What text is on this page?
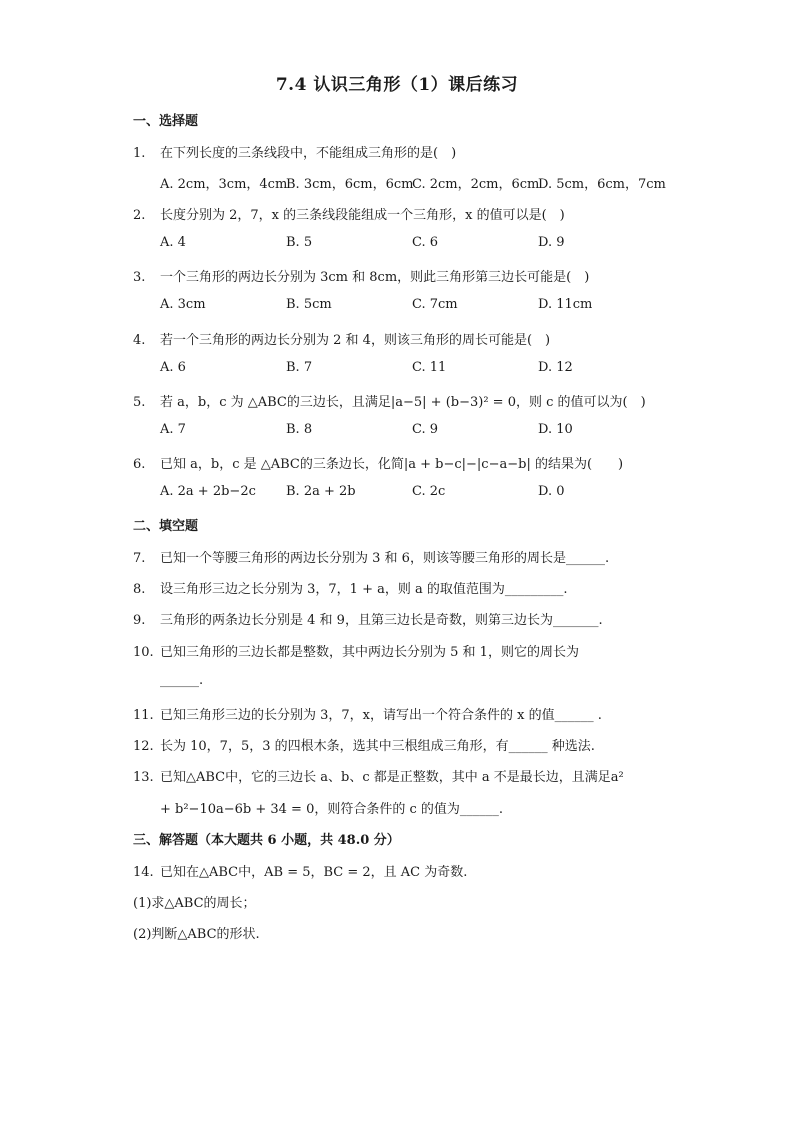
7.4 认识三角形（1）课后练习
一、选择题
1. 在下列长度的三条线段中，不能组成三角形的是( )
A. 2cm，3cm，4cm
B. 3cm，6cm，6cm
C. 2cm，2cm，6cm
D. 5cm，6cm，7cm
2. 长度分别为 2，7，x 的三条线段能组成一个三角形，x 的值可以是( )
A. 4	B. 5	C. 6	D. 9
3. 一个三角形的两边长分别为 3cm 和 8cm，则此三角形第三边长可能是( )
A. 3cm	B. 5cm	C. 7cm	D. 11cm
4. 若一个三角形的两边长分别为 2 和 4，则该三角形的周长可能是( )
A. 6	B. 7	C. 11	D. 12
5. 若 a，b，c 为 △ABC的三边长，且满足|a−5| + (b−3)² = 0，则 c 的值可以为( )
A. 7	B. 8	C. 9	D. 10
6. 已知 a，b，c 是 △ABC的三条边长，化简|a + b−c|−|c−a−b| 的结果为(  )
A. 2a + 2b−2c B. 2a + 2b	C. 2c	D. 0
二、填空题
7. 已知一个等腰三角形的两边长分别为 3 和 6，则该等腰三角形的周长是______.
8. 设三角形三边之长分别为 3，7，1 + a，则 a 的取值范围为_________.
9. 三角形的两条边长分别是 4 和 9，且第三边长是奇数，则第三边长为_______.
10. 已知三角形的三边长都是整数，其中两边长分别为 5 和 1，则它的周长为
______.
11. 已知三角形三边的长分别为 3，7，x，请写出一个符合条件的 x 的值______ .
12. 长为 10，7，5，3 的四根木条，选其中三根组成三角形，有______ 种选法.
13. 已知△ABC中，它的三边长 a、b、c 都是正整数，其中 a 不是最长边，且满足a²
+ b²−10a−6b + 34 = 0，则符合条件的 c 的值为______.
三、解答题（本大题共 6 小题，共 48.0 分）
14. 已知在△ABC中，AB = 5，BC = 2，且 AC 为奇数.
(1)求△ABC的周长；
(2)判断△ABC的形状.
